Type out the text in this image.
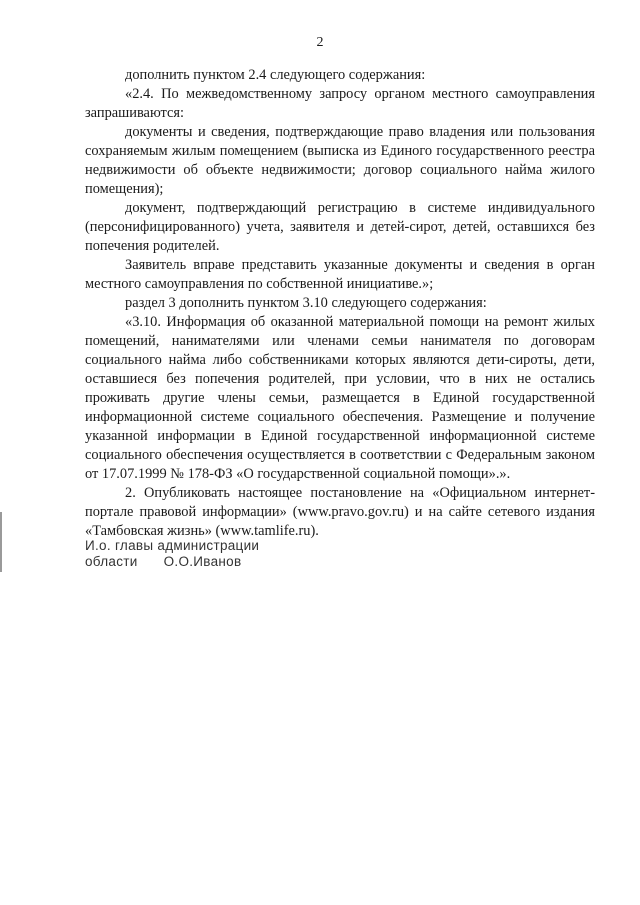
2

дополнить пунктом 2.4 следующего содержания:

«2.4. По межведомственному запросу органом местного самоуправления запрашиваются:

документы и сведения, подтверждающие право владения или пользования сохраняемым жилым помещением (выписка из Единого государственного реестра недвижимости об объекте недвижимости; договор социального найма жилого помещения);

документ, подтверждающий регистрацию в системе индивидуального (персонифицированного) учета, заявителя и детей-сирот, детей, оставшихся без попечения родителей.

Заявитель вправе представить указанные документы и сведения в орган местного самоуправления по собственной инициативе.»;

раздел 3 дополнить пунктом 3.10 следующего содержания:

«3.10. Информация об оказанной материальной помощи на ремонт жилых помещений, нанимателями или членами семьи нанимателя по договорам социального найма либо собственниками которых являются дети-сироты, дети, оставшиеся без попечения родителей, при условии, что в них не остались проживать другие члены семьи, размещается в Единой государственной информационной системе социального обеспечения. Размещение и получение указанной информации в Единой государственной информационной системе социального обеспечения осуществляется в соответствии с Федеральным законом от 17.07.1999 № 178-ФЗ «О государственной социальной помощи».».

2. Опубликовать настоящее постановление на «Официальном интернет-портале правовой информации» (www.pravo.gov.ru) и на сайте сетевого издания «Тамбовская жизнь» (www.tamlife.ru).

И.о. главы администрации
области О.О.Иванов
